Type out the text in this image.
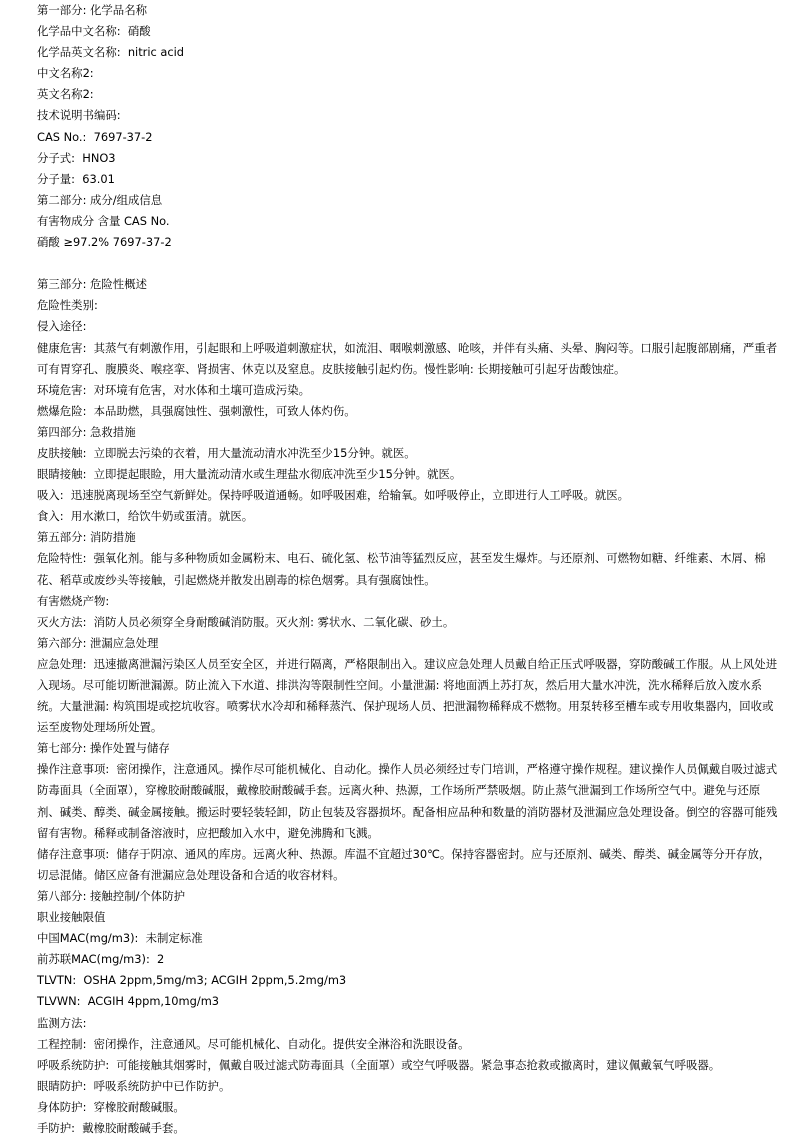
第一部分: 化学品名称
化学品中文名称:  硝酸
化学品英文名称:  nitric acid
中文名称2:
英文名称2:
技术说明书编码:
CAS No.:  7697-37-2
分子式:  HNO3
分子量:  63.01
第二部分: 成分/组成信息
有害物成分 含量 CAS No.
硝酸 ≥97.2% 7697-37-2
第三部分: 危险性概述
危险性类别:
侵入途径:
健康危害:  其蒸气有刺激作用，引起眼和上呼吸道刺激症状，如流泪、咽喉刺激感、呛咳，并伴有头痛、头晕、胸闷等。口服引起腹部剧痛，严重者可有胃穿孔、腹膜炎、喉痉挛、肾损害、休克以及窒息。皮肤接触引起灼伤。慢性影响: 长期接触可引起牙齿酸蚀症。
环境危害:  对环境有危害，对水体和土壤可造成污染。
燃爆危险:  本品助燃，具强腐蚀性、强刺激性，可致人体灼伤。
第四部分: 急救措施
皮肤接触:  立即脱去污染的衣着，用大量流动清水冲洗至少15分钟。就医。
眼睛接触:  立即提起眼睑，用大量流动清水或生理盐水彻底冲洗至少15分钟。就医。
吸入:  迅速脱离现场至空气新鲜处。保持呼吸道通畅。如呼吸困难，给输氧。如呼吸停止，立即进行人工呼吸。就医。
食入:  用水漱口，给饮牛奶或蛋清。就医。
第五部分: 消防措施
危险特性:  强氧化剂。能与多种物质如金属粉末、电石、硫化氢、松节油等猛烈反应，甚至发生爆炸。与还原剂、可燃物如糖、纤维素、木屑、棉花、稻草或废纱头等接触，引起燃烧并散发出剧毒的棕色烟雾。具有强腐蚀性。
有害燃烧产物:
灭火方法:  消防人员必须穿全身耐酸碱消防服。灭火剂: 雾状水、二氧化碳、砂土。
第六部分: 泄漏应急处理
应急处理:  迅速撤离泄漏污染区人员至安全区，并进行隔离，严格限制出入。建议应急处理人员戴自给正压式呼吸器，穿防酸碱工作服。从上风处进入现场。尽可能切断泄漏源。防止流入下水道、排洪沟等限制性空间。小量泄漏: 将地面洒上苏打灰，然后用大量水冲洗，洗水稀释后放入废水系统。大量泄漏: 构筑围堤或挖坑收容。喷雾状水冷却和稀释蒸汽、保护现场人员、把泄漏物稀释成不燃物。用泵转移至槽车或专用收集器内，回收或运至废物处理场所处置。
第七部分: 操作处置与储存
操作注意事项:  密闭操作，注意通风。操作尽可能机械化、自动化。操作人员必须经过专门培训，严格遵守操作规程。建议操作人员佩戴自吸过滤式防毒面具（全面罩），穿橡胶耐酸碱服，戴橡胶耐酸碱手套。远离火种、热源，工作场所严禁吸烟。防止蒸气泄漏到工作场所空气中。避免与还原剂、碱类、醇类、碱金属接触。搬运时要轻装轻卸，防止包装及容器损坏。配备相应品种和数量的消防器材及泄漏应急处理设备。倒空的容器可能残留有害物。稀释或制备溶液时，应把酸加入水中，避免沸腾和飞溅。
储存注意事项:  储存于阴凉、通风的库房。远离火种、热源。库温不宜超过30℃。保持容器密封。应与还原剂、碱类、醇类、碱金属等分开存放，切忌混储。储区应备有泄漏应急处理设备和合适的收容材料。
第八部分: 接触控制/个体防护
职业接触限值
中国MAC(mg/m3):  未制定标准
前苏联MAC(mg/m3):  2
TLVTN:  OSHA 2ppm,5mg/m3; ACGIH 2ppm,5.2mg/m3
TLVWN:  ACGIH 4ppm,10mg/m3
监测方法:
工程控制:  密闭操作，注意通风。尽可能机械化、自动化。提供安全淋浴和洗眼设备。
呼吸系统防护:  可能接触其烟雾时，佩戴自吸过滤式防毒面具（全面罩）或空气呼吸器。紧急事态抢救或撤离时，建议佩戴氧气呼吸器。
眼睛防护:  呼吸系统防护中已作防护。
身体防护:  穿橡胶耐酸碱服。
手防护:  戴橡胶耐酸碱手套。
